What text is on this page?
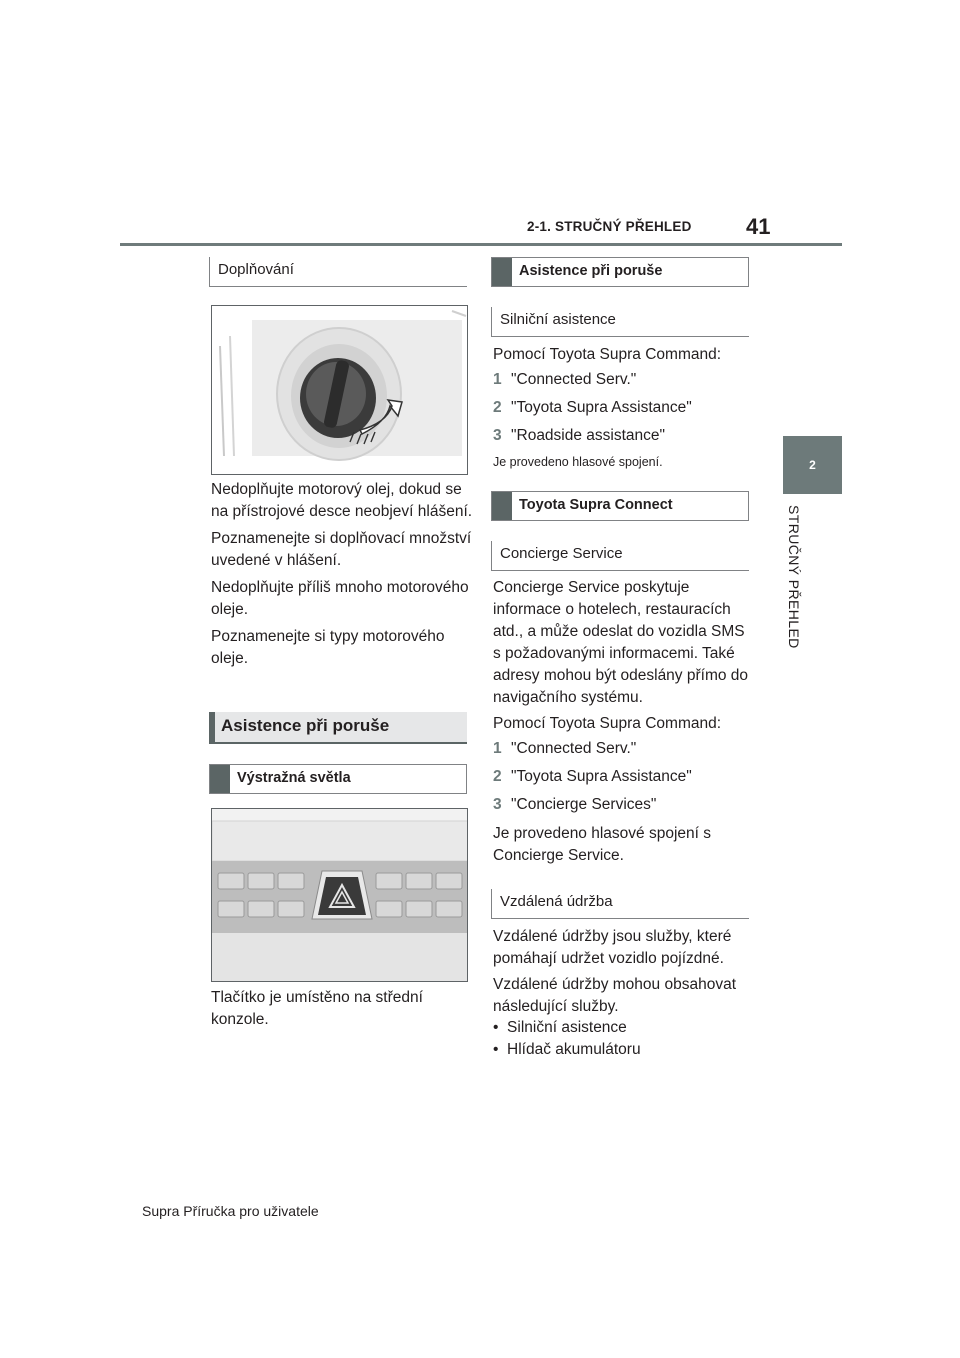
2-1. STRUČNÝ PŘEHLED 41
2
STRUČNÝ PŘEHLED
Doplňování

Nedoplňujte motorový olej, dokud se na přístrojové desce neobjeví hlášení.

Poznamenejte si doplňovací množství uvedené v hlášení.

Nedoplňujte příliš mnoho motorového oleje.

Poznamenejte si typy motorového oleje.

Asistence při poruše
Výstražná světla
Tlačítko je umístěno na střední konzole.
Asistence při poruše
Silniční asistence
Pomocí Toyota Supra Command:
1 "Connected Serv."
2 "Toyota Supra Assistance"
3 "Roadside assistance"
Je provedeno hlasové spojení.
Toyota Supra Connect
Concierge Service
Concierge Service poskytuje informace o hotelech, restauracích atd., a může odeslat do vozidla SMS s požadovanými informacemi. Také adresy mohou být odeslány přímo do navigačního systému.
Pomocí Toyota Supra Command:
1 "Connected Serv."
2 "Toyota Supra Assistance"
3 "Concierge Services"
Je provedeno hlasové spojení s Concierge Service.
Vzdálená údržba
Vzdálené údržby jsou služby, které pomáhají udržet vozidlo pojízdné.
Vzdálené údržby mohou obsahovat následující služby.
•  Silniční asistence
•  Hlídač akumulátoru
Supra Příručka pro uživatele
